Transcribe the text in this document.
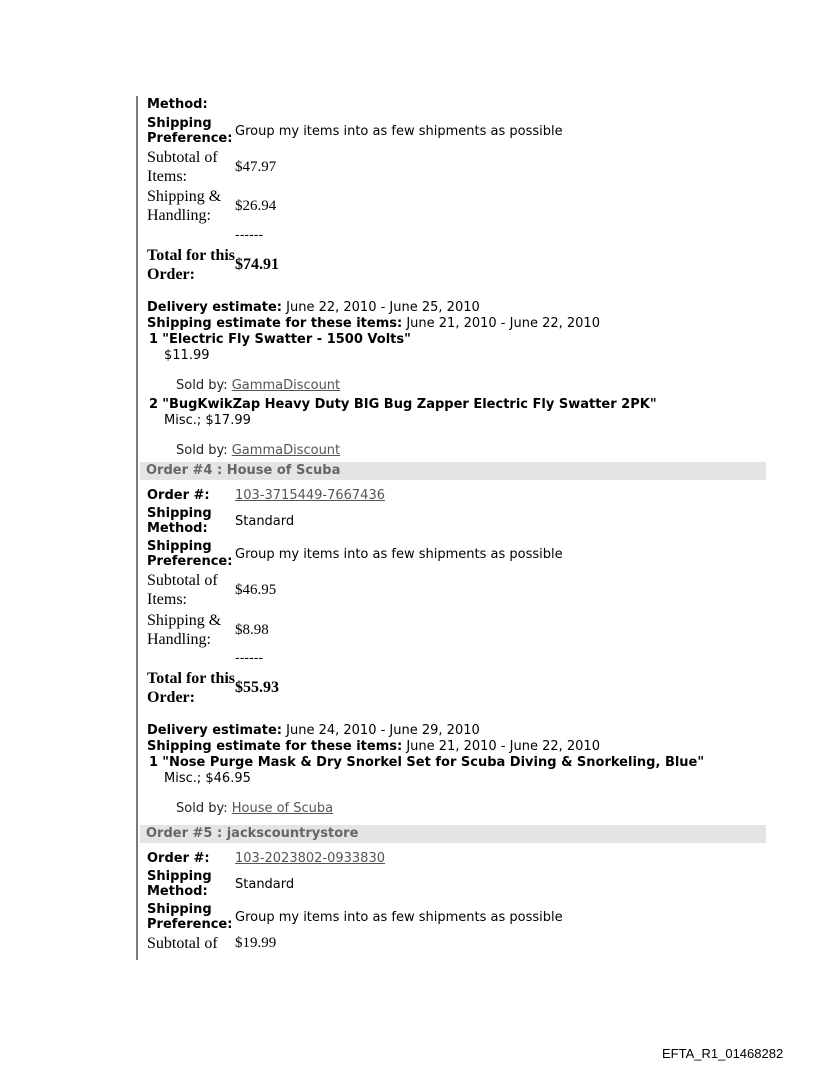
Method:
Shipping Preference: Group my items into as few shipments as possible
Subtotal of Items:
$47.97
Shipping & Handling:
$26.94
------
Total for this Order:
$74.91
Delivery estimate: June 22, 2010 - June 25, 2010
Shipping estimate for these items: June 21, 2010 - June 22, 2010
1 "Electric Fly Swatter - 1500 Volts"
$11.99
Sold by: GammaDiscount
2 "BugKwikZap Heavy Duty BIG Bug Zapper Electric Fly Swatter 2PK"
Misc.; $17.99
Sold by: GammaDiscount
Order #4 : House of Scuba
Order #:	103-3715449-7667436
Shipping Method:	Standard
Shipping Preference: Group my items into as few shipments as possible
Subtotal of Items:
$46.95
Shipping & Handling:
$8.98
------
Total for this Order:
$55.93
Delivery estimate: June 24, 2010 - June 29, 2010
Shipping estimate for these items: June 21, 2010 - June 22, 2010
1 "Nose Purge Mask & Dry Snorkel Set for Scuba Diving & Snorkeling, Blue"
Misc.; $46.95
Sold by: House of Scuba
Order #5 : jackscountrystore
Order #:	103-2023802-0933830
Shipping Method:	Standard
Shipping Preference: Group my items into as few shipments as possible
Subtotal of	$19.99
EFTA_R1_01468282
